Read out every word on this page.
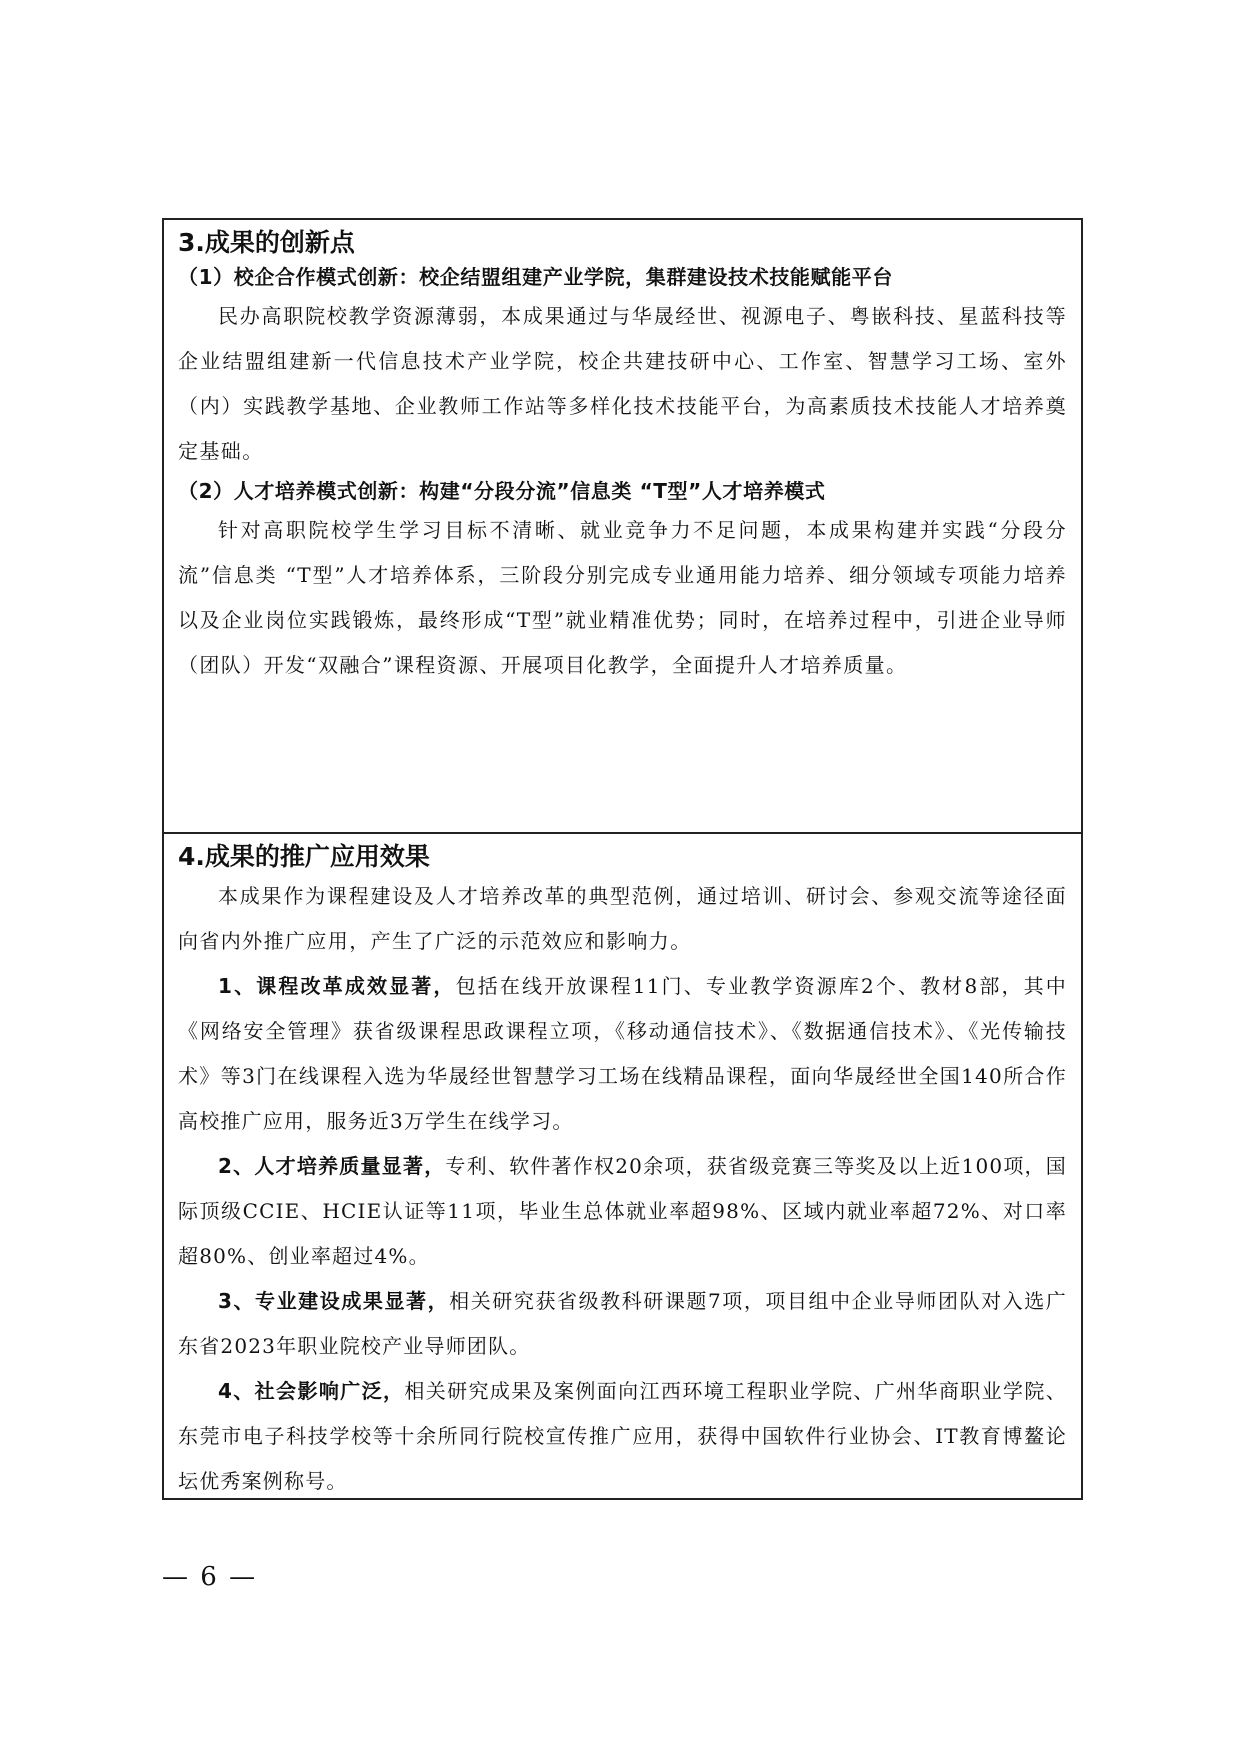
3.成果的创新点

（1）校企合作模式创新：校企结盟组建产业学院，集群建设技术技能赋能平台

民办高职院校教学资源薄弱，本成果通过与华晟经世、视源电子、粤嵌科技、星蓝科技等企业结盟组建新一代信息技术产业学院，校企共建技研中心、工作室、智慧学习工场、室外（内）实践教学基地、企业教师工作站等多样化技术技能平台，为高素质技术技能人才培养奠定基础。

（2）人才培养模式创新：构建“分段分流”信息类 “T型”人才培养模式

针对高职院校学生学习目标不清晰、就业竞争力不足问题，本成果构建并实践“分段分流”信息类 “T型”人才培养体系，三阶段分别完成专业通用能力培养、细分领域专项能力培养以及企业岗位实践锻炼，最终形成“T型”就业精准优势；同时，在培养过程中，引进企业导师（团队）开发“双融合”课程资源、开展项目化教学，全面提升人才培养质量。

4.成果的推广应用效果

本成果作为课程建设及人才培养改革的典型范例，通过培训、研讨会、参观交流等途径面向省内外推广应用，产生了广泛的示范效应和影响力。

1、课程改革成效显著，包括在线开放课程11门、专业教学资源库2个、教材8部，其中《网络安全管理》获省级课程思政课程立项，《移动通信技术》、《数据通信技术》、《光传输技术》等3门在线课程入选为华晟经世智慧学习工场在线精品课程，面向华晟经世全国140所合作高校推广应用，服务近3万学生在线学习。

2、人才培养质量显著，专利、软件著作权20余项，获省级竞赛三等奖及以上近100项，国际顶级CCIE、HCIE认证等11项，毕业生总体就业率超98%、区域内就业率超72%、对口率超80%、创业率超过4%。

3、专业建设成果显著，相关研究获省级教科研课题7项，项目组中企业导师团队对入选广东省2023年职业院校产业导师团队。

4、社会影响广泛，相关研究成果及案例面向江西环境工程职业学院、广州华商职业学院、东莞市电子科技学校等十余所同行院校宣传推广应用，获得中国软件行业协会、IT教育博鳌论坛优秀案例称号。

— 6 —
